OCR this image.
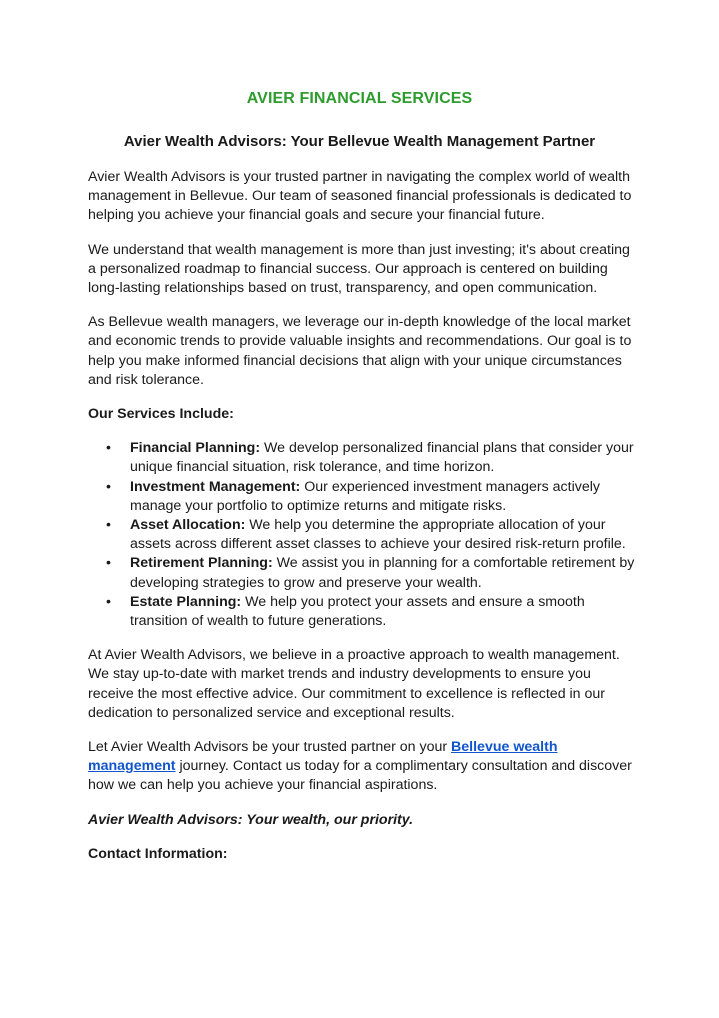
AVIER FINANCIAL SERVICES
Avier Wealth Advisors: Your Bellevue Wealth Management Partner

Avier Wealth Advisors is your trusted partner in navigating the complex world of wealth management in Bellevue. Our team of seasoned financial professionals is dedicated to helping you achieve your financial goals and secure your financial future.

We understand that wealth management is more than just investing; it's about creating a personalized roadmap to financial success. Our approach is centered on building long-lasting relationships based on trust, transparency, and open communication.

As Bellevue wealth managers, we leverage our in-depth knowledge of the local market and economic trends to provide valuable insights and recommendations. Our goal is to help you make informed financial decisions that align with your unique circumstances and risk tolerance.

Our Services Include:
• Financial Planning: We develop personalized financial plans that consider your unique financial situation, risk tolerance, and time horizon.
• Investment Management: Our experienced investment managers actively manage your portfolio to optimize returns and mitigate risks.
• Asset Allocation: We help you determine the appropriate allocation of your assets across different asset classes to achieve your desired risk-return profile.
• Retirement Planning: We assist you in planning for a comfortable retirement by developing strategies to grow and preserve your wealth.
• Estate Planning: We help you protect your assets and ensure a smooth transition of wealth to future generations.

At Avier Wealth Advisors, we believe in a proactive approach to wealth management. We stay up-to-date with market trends and industry developments to ensure you receive the most effective advice. Our commitment to excellence is reflected in our dedication to personalized service and exceptional results.

Let Avier Wealth Advisors be your trusted partner on your Bellevue wealth management journey. Contact us today for a complimentary consultation and discover how we can help you achieve your financial aspirations.

Avier Wealth Advisors: Your wealth, our priority.
Contact Information:
